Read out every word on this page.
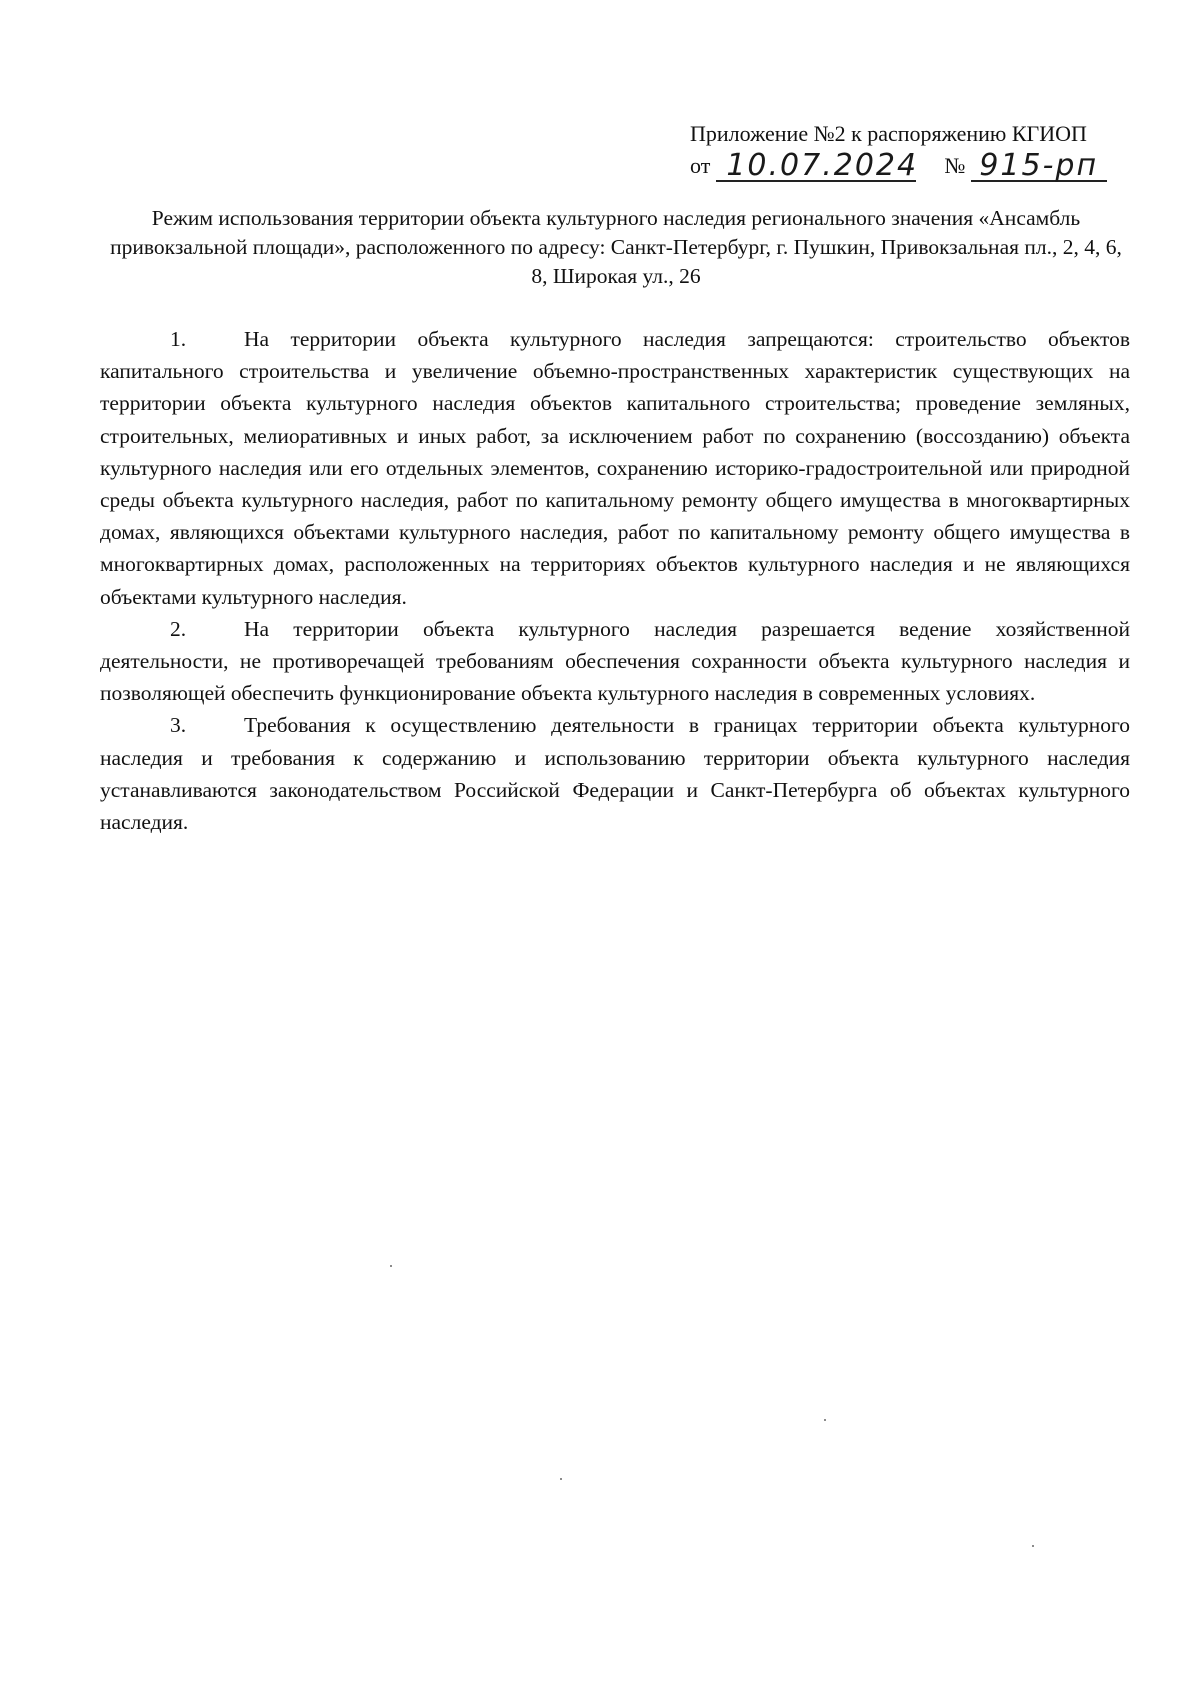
Приложение №2 к распоряжению КГИОП
от 10.07.2024 № 915-рп
Режим использования территории объекта культурного наследия регионального значения «Ансамбль привокзальной площади», расположенного по адресу: Санкт-Петербург, г. Пушкин, Привокзальная пл., 2, 4, 6, 8, Широкая ул., 26

1.	На территории объекта культурного наследия запрещаются: строительство объектов капитального строительства и увеличение объемно-пространственных характеристик существующих на территории объекта культурного наследия объектов капитального строительства; проведение земляных, строительных, мелиоративных и иных работ, за исключением работ по сохранению (воссозданию) объекта культурного наследия или его отдельных элементов, сохранению историко-градостроительной или природной среды объекта культурного наследия, работ по капитальному ремонту общего имущества в многоквартирных домах, являющихся объектами культурного наследия, работ по капитальному ремонту общего имущества в многоквартирных домах, расположенных на территориях объектов культурного наследия и не являющихся объектами культурного наследия.

2.	На территории объекта культурного наследия разрешается ведение хозяйственной деятельности, не противоречащей требованиям обеспечения сохранности объекта культурного наследия и позволяющей обеспечить функционирование объекта культурного наследия в современных условиях.

3.	Требования к осуществлению деятельности в границах территории объекта культурного наследия и требования к содержанию и использованию территории объекта культурного наследия устанавливаются законодательством Российской Федерации и Санкт-Петербурга об объектах культурного наследия.
